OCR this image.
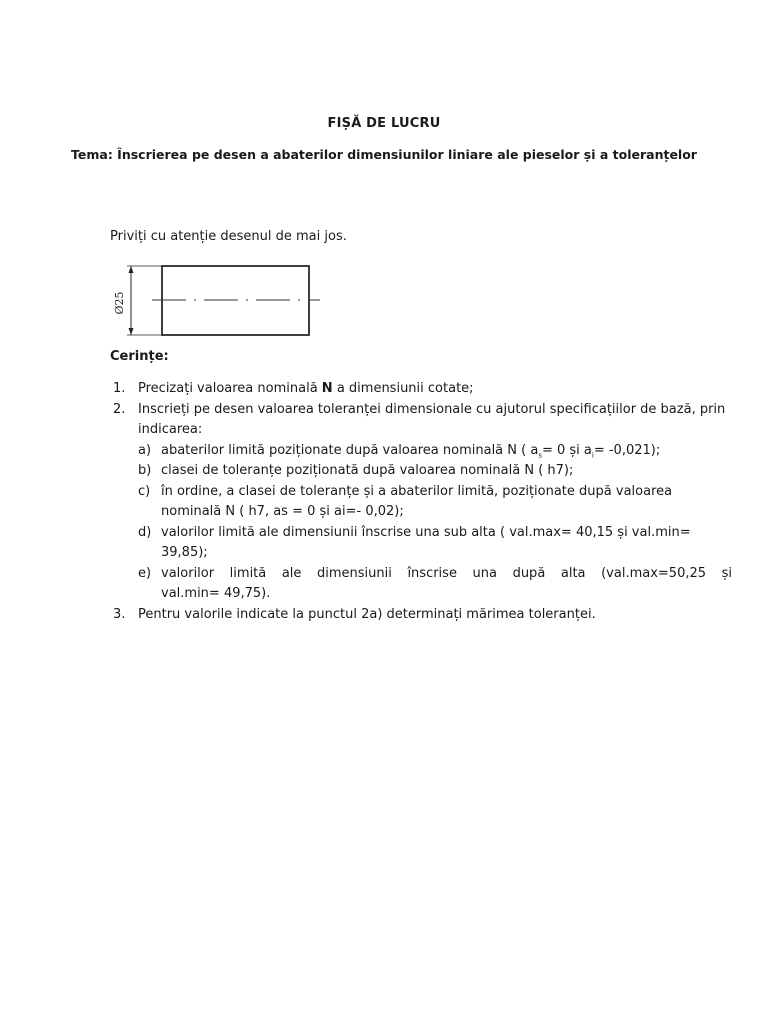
FIȘĂ DE LUCRU
Tema: Înscrierea pe desen a abaterilor dimensiunilor liniare ale pieselor și a toleranțelor
Priviți cu atenție desenul de mai jos.
Ø25
Cerințe:
1. Precizați valoarea nominală N a dimensiunii cotate;
2. Inscrieți pe desen valoarea toleranței dimensionale cu ajutorul specificațiilor de bază, prin indicarea:
a) abaterilor limită poziționate după valoarea nominală N ( $a_s= 0$ și $a_i= -0,021$);
b) clasei de toleranțe poziționată după valoarea nominală N ( h7);
c) în ordine, a clasei de toleranțe și a abaterilor limită, poziționate după valoarea nominală N ( h7, as = 0 și ai=- 0,02);
d) valorilor limită ale dimensiunii înscrise una sub alta ( val.max= 40,15 și val.min= 39,85);
e) valorilor limită ale dimensiunii înscrise una după alta (val.max=50,25 și
val.min= 49,75).
3. Pentru valorile indicate la punctul 2a) determinați mărimea toleranței.
